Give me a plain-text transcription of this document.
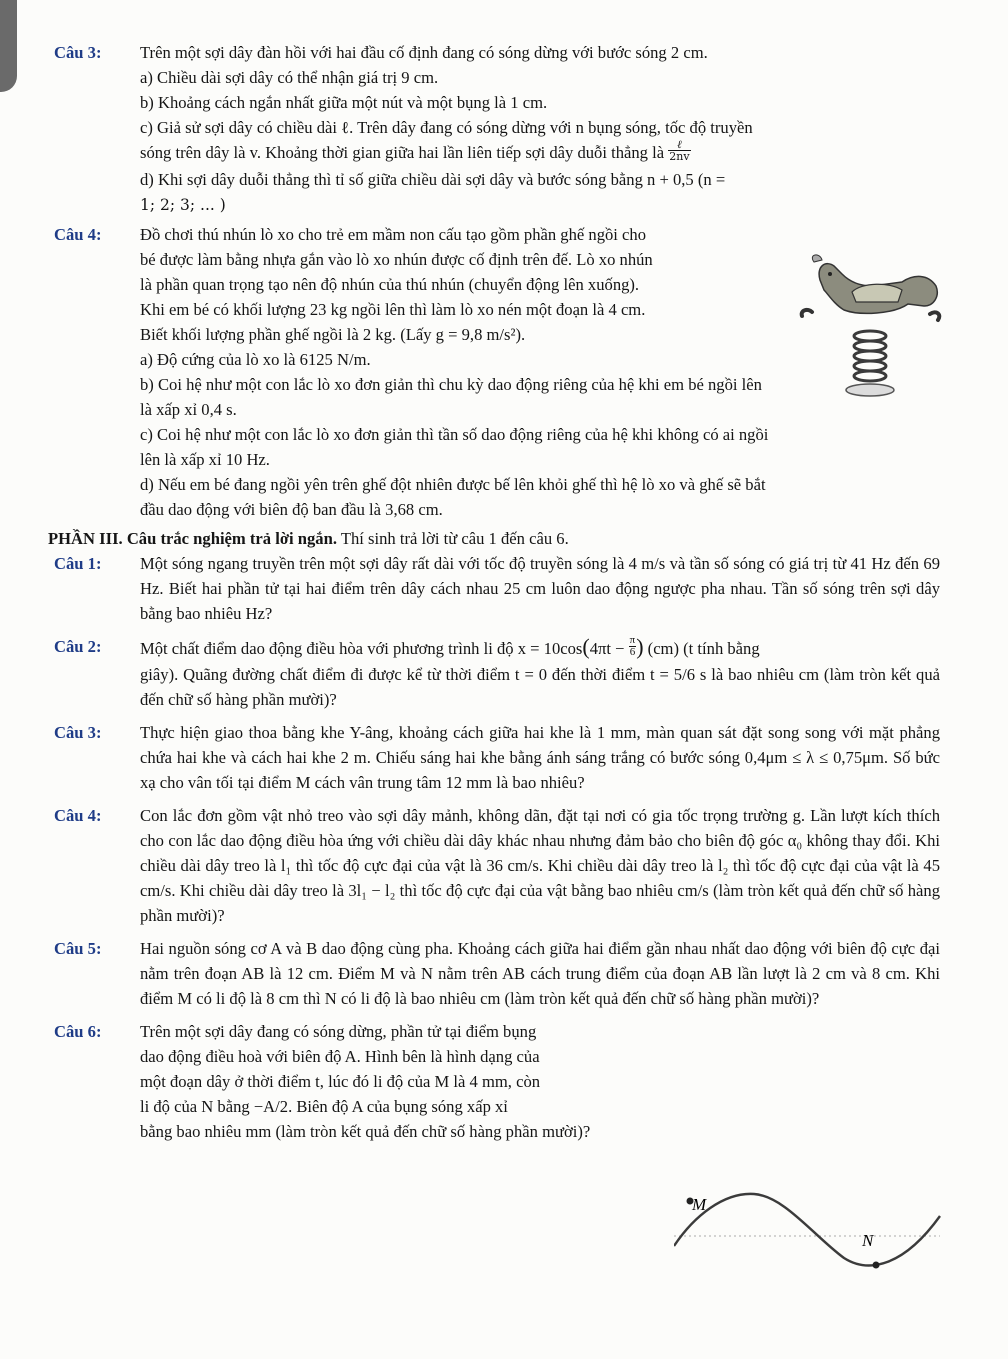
Câu 3:	Trên một sợi dây đàn hồi với hai đầu cố định đang có sóng dừng với bước sóng 2 cm.
a) Chiều dài sợi dây có thể nhận giá trị 9 cm.
b) Khoảng cách ngắn nhất giữa một nút và một bụng là 1 cm.
c) Giả sử sợi dây có chiều dài ℓ. Trên dây đang có sóng dừng với n bụng sóng, tốc độ truyền
sóng trên dây là v. Khoảng thời gian giữa hai lần liên tiếp sợi dây duỗi thẳng là ℓ
2nv
d) Khi sợi dây duỗi thẳng thì tỉ số giữa chiều dài sợi dây và bước sóng bằng n + 0,5 (n =
1; 2; 3; ... )
Câu 4:	Đồ chơi thú nhún lò xo cho trẻ em mầm non cấu tạo gồm phần ghế ngồi cho
bé được làm bằng nhựa gắn vào lò xo nhún được cố định trên đế. Lò xo nhún
là phần quan trọng tạo nên độ nhún của thú nhún (chuyển động lên xuống).
Khi em bé có khối lượng 23 kg ngồi lên thì làm lò xo nén một đoạn là 4 cm.
Biết khối lượng phần ghế ngồi là 2 kg. (Lấy g = 9,8 m/s²).
a) Độ cứng của lò xo là 6125 N/m.
b) Coi hệ như một con lắc lò xo đơn giản thì chu kỳ dao động riêng của hệ khi em bé ngồi lên
là xấp xỉ 0,4 s.
c) Coi hệ như một con lắc lò xo đơn giản thì tần số dao động riêng của hệ khi không có ai ngồi
lên là xấp xỉ 10 Hz.
d) Nếu em bé đang ngồi yên trên ghế đột nhiên được bế lên khỏi ghế thì hệ lò xo và ghế sẽ bắt
đầu dao động với biên độ ban đầu là 3,68 cm.
PHẦN III. Câu trắc nghiệm trả lời ngắn. Thí sinh trả lời từ câu 1 đến câu 6.
Câu 1:	Một sóng ngang truyền trên một sợi dây rất dài với tốc độ truyền sóng là 4 m/s và tần số sóng có giá trị từ 41 Hz đến 69 Hz. Biết hai phần tử tại hai điểm trên dây cách nhau 25 cm luôn dao động ngược pha nhau. Tần số sóng trên sợi dây bằng bao nhiêu Hz?
Câu 2:	Một chất điểm dao động điều hòa với phương trình li độ $x = 10\cos(4\pi t - \frac{\pi}{6}$ ) (cm) (t tính bằng
giây). Quãng đường chất điểm đi được kể từ thời điểm t = 0 đến thời điểm t = 5/6 s là bao nhiêu cm (làm tròn kết quả đến chữ số hàng phần mười)?
Câu 3:	Thực hiện giao thoa bằng khe Y-âng, khoảng cách giữa hai khe là 1 mm, màn quan sát đặt song song với mặt phẳng chứa hai khe và cách hai khe 2 m. Chiếu sáng hai khe bằng ánh sáng trắng có bước sóng 0,4μm ≤ λ ≤ 0,75μm. Số bức xạ cho vân tối tại điểm M cách vân trung tâm 12 mm là bao nhiêu?
Câu 4:	Con lắc đơn gồm vật nhỏ treo vào sợi dây mảnh, không dãn, đặt tại nơi có gia tốc trọng trường g. Lần lượt kích thích cho con lắc dao động điều hòa ứng với chiều dài dây khác nhau nhưng đảm bảo cho biên độ góc α₀ không thay đổi. Khi chiều dài dây treo là l₁ thì tốc độ cực đại của vật là 36 cm/s. Khi chiều dài dây treo là l₂ thì tốc độ cực đại của vật là 45 cm/s. Khi chiều dài dây treo là 3l₁ − l₂ thì tốc độ cực đại của vật bằng bao nhiêu cm/s (làm tròn kết quả đến chữ số hàng phần mười)?
Câu 5:	Hai nguồn sóng cơ A và B dao động cùng pha. Khoảng cách giữa hai điểm gần nhau nhất dao động với biên độ cực đại nằm trên đoạn AB là 12 cm. Điểm M và N nằm trên AB cách trung điểm của đoạn AB lần lượt là 2 cm và 8 cm. Khi điểm M có li độ là 8 cm thì N có li độ là bao nhiêu cm (làm tròn kết quả đến chữ số hàng phần mười)?
Câu 6:	Trên một sợi dây đang có sóng dừng, phần tử tại điểm bụng
dao động điều hoà với biên độ A. Hình bên là hình dạng của
một đoạn dây ở thời điểm t, lúc đó li độ của M là 4 mm, còn
li độ của N bằng −A/2. Biên độ A của bụng sóng xấp xỉ
bằng bao nhiêu mm (làm tròn kết quả đến chữ số hàng phần mười)?
M
N
